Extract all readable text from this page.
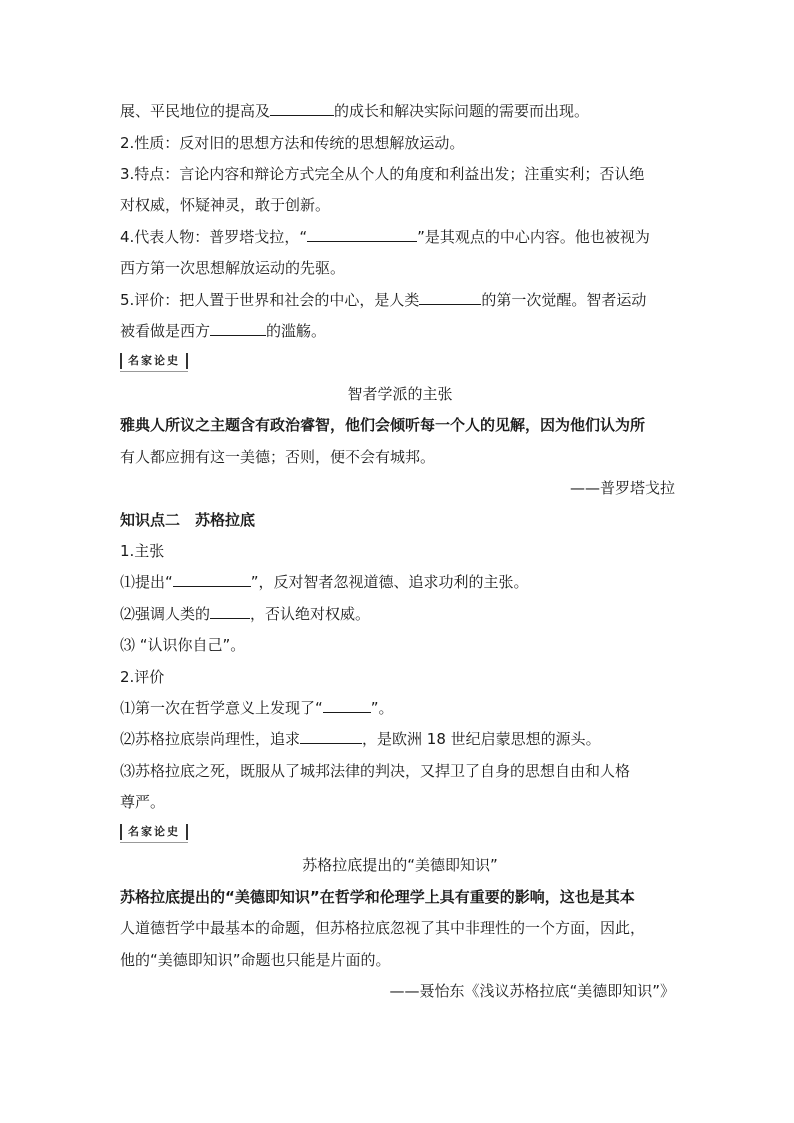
展、平民地位的提高及	的成长和解决实际问题的需要而出现。
2.性质：反对旧的思想方法和传统的思想解放运动。
3.特点：言论内容和辩论方式完全从个人的角度和利益出发；注重实利；否认绝
对权威，怀疑神灵，敢于创新。
4.代表人物：普罗塔戈拉，“	”是其观点的中心内容。他也被视为
西方第一次思想解放运动的先驱。
5.评价：把人置于世界和社会的中心，是人类	的第一次觉醒。智者运动
被看做是西方	的滥觞。
名家论史
智者学派的主张
雅典人所议之主题含有政治睿智，他们会倾听每一个人的见解，因为他们认为所
有人都应拥有这一美德；否则，便不会有城邦。
——普罗塔戈拉
知识点二　苏格拉底
1.主张
⑴提出“	”，反对智者忽视道德、追求功利的主张。
⑵强调人类的	，否认绝对权威。
⑶ “认识你自己”。
2.评价
⑴第一次在哲学意义上发现了“	”。
⑵苏格拉底崇尚理性，追求	，是欧洲 18 世纪启蒙思想的源头。
⑶苏格拉底之死，既服从了城邦法律的判决，又捍卫了自身的思想自由和人格
尊严。
名家论史
苏格拉底提出的“美德即知识”
苏格拉底提出的“美德即知识”在哲学和伦理学上具有重要的影响，这也是其本
人道德哲学中最基本的命题，但苏格拉底忽视了其中非理性的一个方面，因此，
他的“美德即知识”命题也只能是片面的。
——聂怡东《浅议苏格拉底“美德即知识”》
